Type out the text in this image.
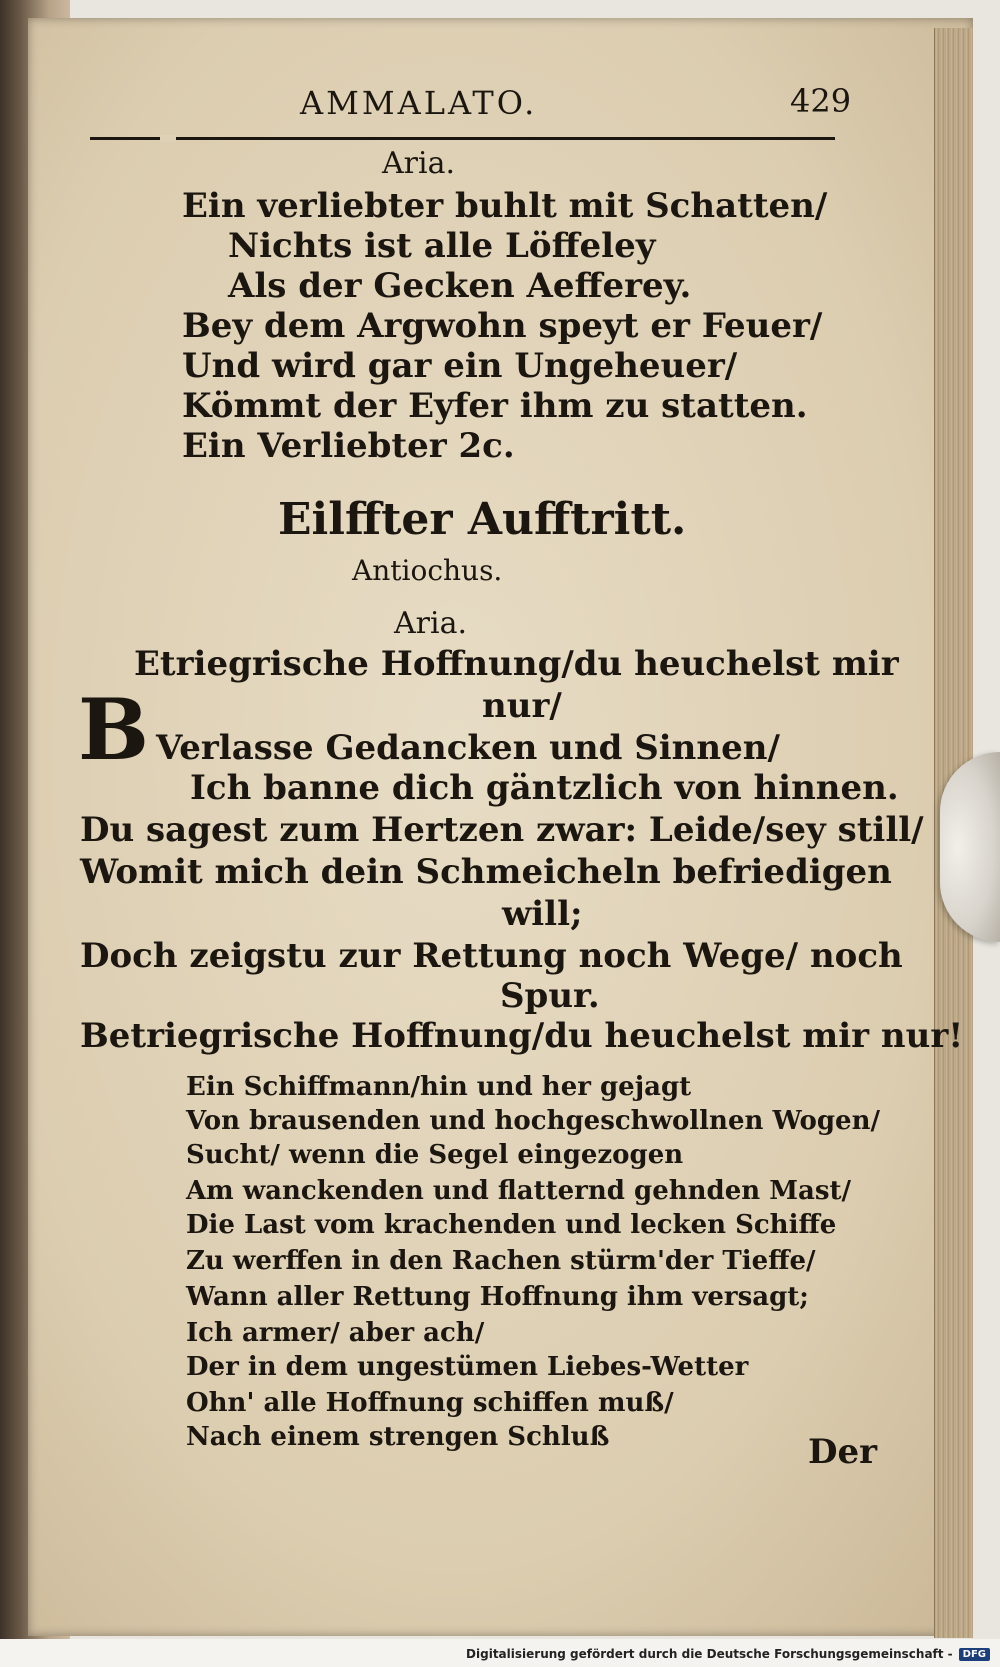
AMMALATO.	429
Aria.
Ein verliebter buhlt mit Schatten/
Nichts ist alle Löffeley
Als der Gecken Aefferey.
Bey dem Argwohn speyt er Feuer/
Und wird gar ein Ungeheuer/
Kömmt der Eyfer ihm zu statten.
Ein Verliebter 2c.
Eilffter Aufftritt.
Antiochus.
Aria.
B
Etriegrische Hoffnung/du heuchelst mir
nur/
Verlasse Gedancken und Sinnen/
Ich banne dich gäntzlich von hinnen.
Du sagest zum Hertzen zwar: Leide/sey still/
Womit mich dein Schmeicheln befriedigen
will;
Doch zeigstu zur Rettung noch Wege/ noch
Spur.
Betriegrische Hoffnung/du heuchelst mir nur!
Ein Schiffmann/hin und her gejagt
Von brausenden und hochgeschwollnen Wogen/
Sucht/ wenn die Segel eingezogen
Am wanckenden und flatternd gehnden Mast/
Die Last vom krachenden und lecken Schiffe
Zu werffen in den Rachen stürm'der Tieffe/
Wann aller Rettung Hoffnung ihm versagt;
Ich armer/ aber ach/
Der in dem ungestümen Liebes-Wetter
Ohn' alle Hoffnung schiffen muß/
Nach einem strengen Schluß	Der
Digitalisierung gefördert durch die Deutsche Forschungsgemeinschaft -	DFG
